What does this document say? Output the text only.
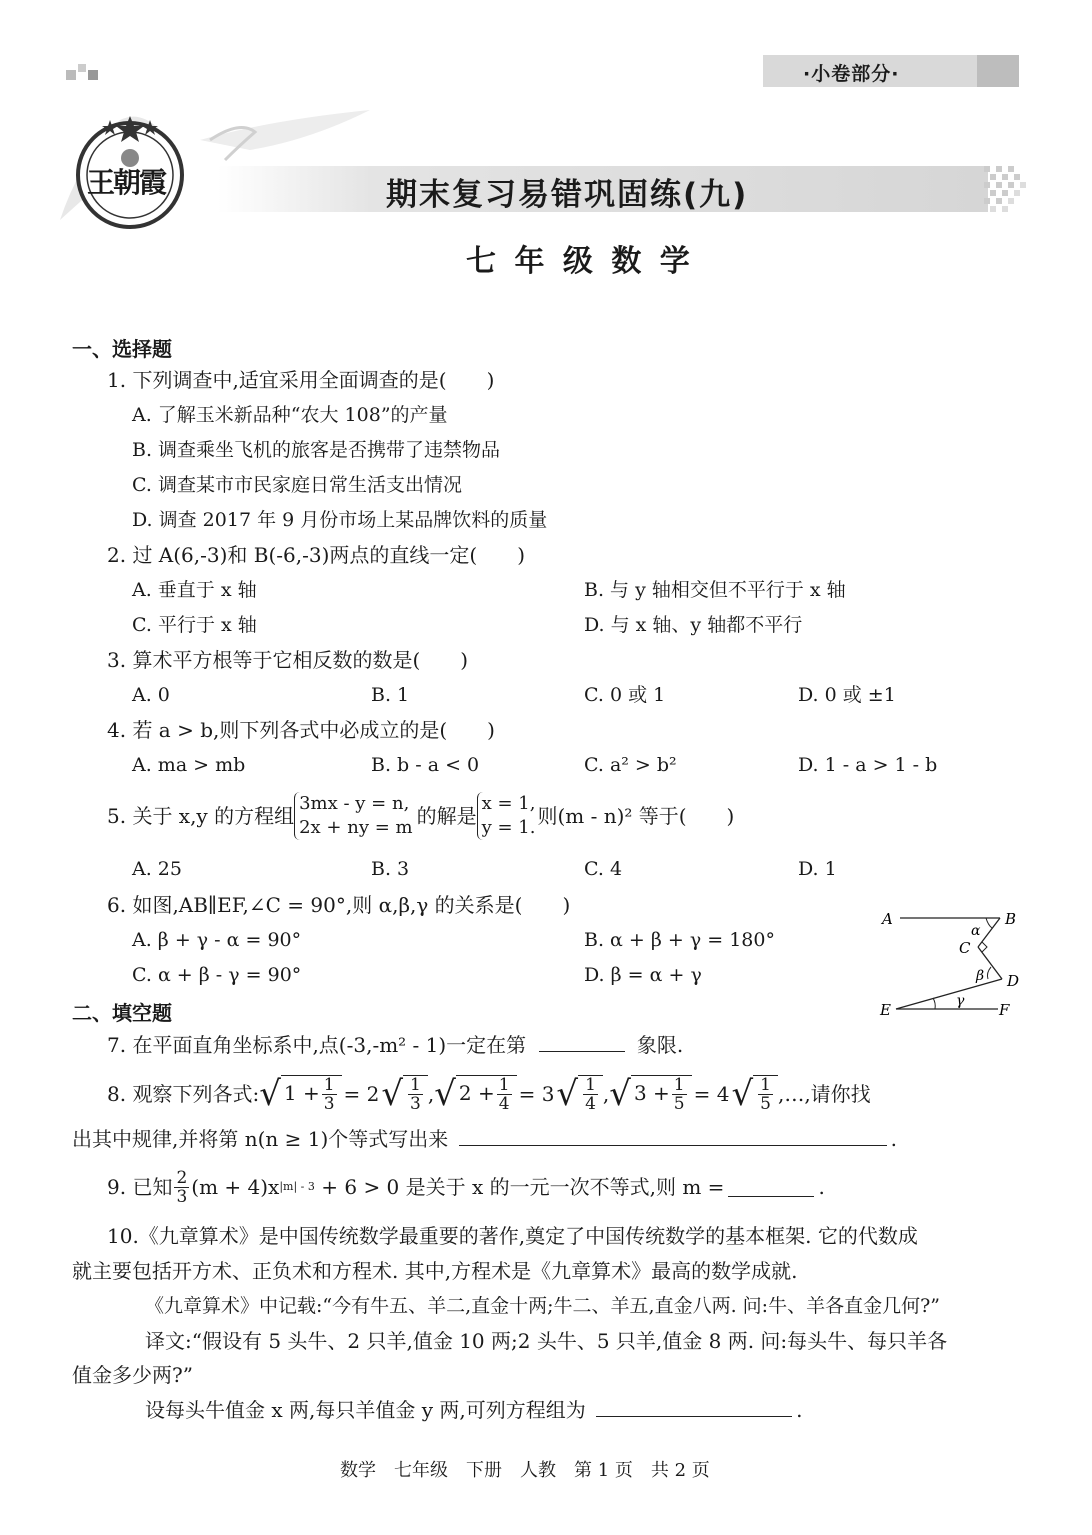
·小卷部分·
王朝霞	期末复习易错巩固练(九)
七 年 级 数 学
一、选择题
1. 下列调查中,适宜采用全面调查的是(　　)
A. 了解玉米新品种“农大 108”的产量
B. 调查乘坐飞机的旅客是否携带了违禁物品
C. 调查某市市民家庭日常生活支出情况
D. 调查 2017 年 9 月份市场上某品牌饮料的质量
2. 过 A(6,-3)和 B(-6,-3)两点的直线一定(　　)
A. 垂直于 x 轴	B. 与 y 轴相交但不平行于 x 轴
C. 平行于 x 轴	D. 与 x 轴、y 轴都不平行
3. 算术平方根等于它相反数的数是(　　)
A. 0	B. 1	C. 0 或 1	D. 0 或 ±1
4. 若 a > b,则下列各式中必成立的是(　　)
A. ma > mb	B. b - a < 0	C. a² > b²	D. 1 - a > 1 - b
5. 关于 x,y 的方程组
3mx - y = n,
2x + ny = m 的解是
x = 1,
y = 1. 则(m - n)² 等于(　　)
A. 25	B. 3	C. 4	D. 1
6. 如图,AB∥EF,∠C = 90°,则 α,β,γ 的关系是(　　)
A. β + γ - α = 90°	B. α + β + γ = 180°
C. α + β - γ = 90°	D. β = α + γ
A	B
C
D
E	F
α
β
γ
二、填空题
7. 在平面直角坐标系中,点(-3,-m² - 1)一定在第	象限.
8. 观察下列各式: √ $1 + \frac{1}{3} = 2$ √ $\frac{1}{3}$ , √ $2 + \frac{1}{4} = 3$ √ $\frac{1}{4}$ , √ $3 + \frac{1}{5} = 4$ √ $\frac{1}{5}$ ,…,请你找
出其中规律,并将第 n(n ≥ 1)个等式写出来	.
9. 已知 $\frac{2}{3} (m + 4)x$ |m| - 3 + 6 > 0 是关于 x 的一元一次不等式,则 m =	.
10.《九章算术》是中国传统数学最重要的著作,奠定了中国传统数学的基本框架. 它的代数成
就主要包括开方术、正负术和方程术. 其中,方程术是《九章算术》最高的数学成就.
《九章算术》中记载:“今有牛五、羊二,直金十两;牛二、羊五,直金八两. 问:牛、羊各直金几何?”
译文:“假设有 5 头牛、2 只羊,值金 10 两;2 头牛、5 只羊,值金 8 两. 问:每头牛、每只羊各
值金多少两?”
设每头牛值金 x 两,每只羊值金 y 两,可列方程组为	.
数学　七年级　下册　人教　第 1 页　共 2 页
